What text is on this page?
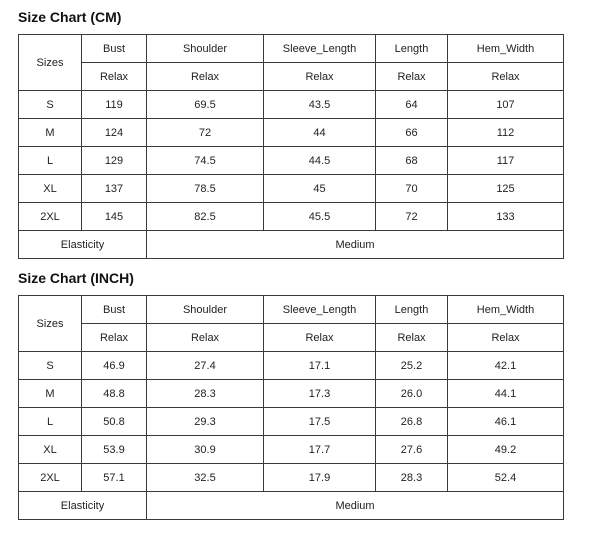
Size Chart (CM)
Sizes	Bust	Shoulder	Sleeve_Length	Length	Hem_Width
	Relax	Relax	Relax	Relax	Relax
S	119	69.5	43.5	64	107
M	124	72	44	66	112
L	129	74.5	44.5	68	117
XL	137	78.5	45	70	125
2XL	145	82.5	45.5	72	133
Elasticity		Medium			
Size Chart (INCH)
Sizes	Bust	Shoulder	Sleeve_Length	Length	Hem_Width
	Relax	Relax	Relax	Relax	Relax
S	46.9	27.4	17.1	25.2	42.1
M	48.8	28.3	17.3	26.0	44.1
L	50.8	29.3	17.5	26.8	46.1
XL	53.9	30.9	17.7	27.6	49.2
2XL	57.1	32.5	17.9	28.3	52.4
Elasticity		Medium			
